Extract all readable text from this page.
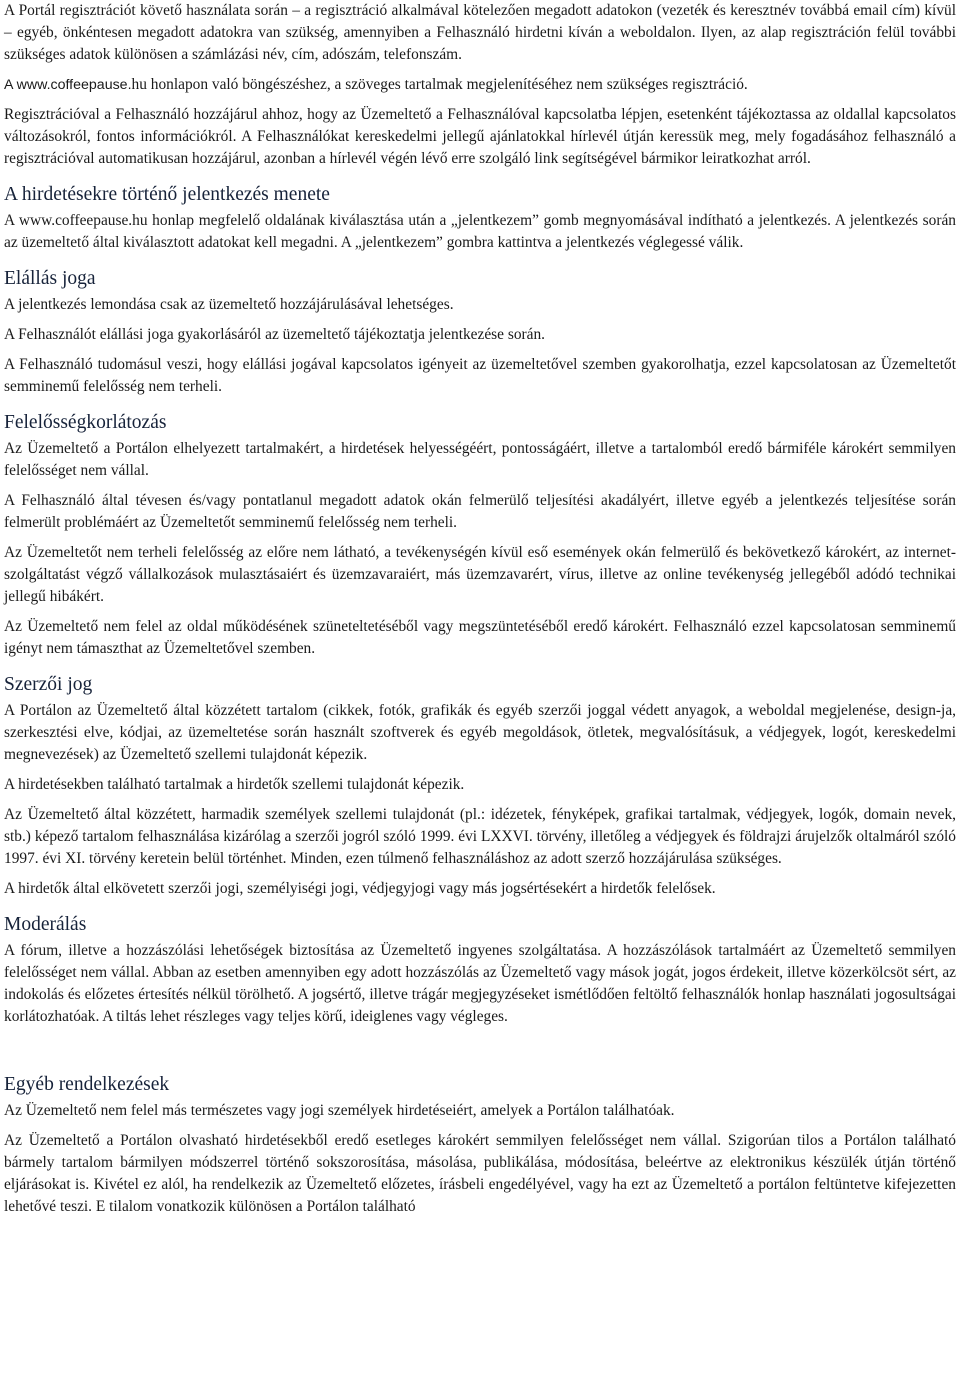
A Portál regisztrációt követő használata során – a regisztráció alkalmával kötelezően megadott adatokon (vezeték és keresztnév továbbá email cím) kívül – egyéb, önkéntesen megadott adatokra van szükség, amennyiben a Felhasználó hirdetni kíván a weboldalon. Ilyen, az alap regisztráción felül további szükséges adatok különösen a számlázási név, cím, adószám, telefonszám.

A www.coffeepause.hu honlapon való böngészéshez, a szöveges tartalmak megjelenítéséhez nem szükséges regisztráció.

Regisztrációval a Felhasználó hozzájárul ahhoz, hogy az Üzemeltető a Felhasználóval kapcsolatba lépjen, esetenként tájékoztassa az oldallal kapcsolatos változásokról, fontos információkról. A Felhasználókat kereskedelmi jellegű ajánlatokkal hírlevél útján keressük meg, mely fogadásához felhasználó a regisztrációval automatikusan hozzájárul, azonban a hírlevél végén lévő erre szolgáló link segítségével bármikor leiratkozhat arról.

A hirdetésekre történő jelentkezés menete

A www.coffeepause.hu honlap megfelelő oldalának kiválasztása után a „jelentkezem” gomb megnyomásával indítható a jelentkezés. A jelentkezés során az üzemeltető által kiválasztott adatokat kell megadni. A „jelentkezem” gombra kattintva a jelentkezés véglegessé válik.

Elállás joga

A jelentkezés lemondása csak az üzemeltető hozzájárulásával lehetséges.

A Felhasználót elállási joga gyakorlásáról az üzemeltető tájékoztatja jelentkezése során.

A Felhasználó tudomásul veszi, hogy elállási jogával kapcsolatos igényeit az üzemeltetővel szemben gyakorolhatja, ezzel kapcsolatosan az Üzemeltetőt semminemű felelősség nem terheli.

Felelősségkorlátozás

Az Üzemeltető a Portálon elhelyezett tartalmakért, a hirdetések helyességéért, pontosságáért, illetve a tartalomból eredő bármiféle károkért semmilyen felelősséget nem vállal.

A Felhasználó által tévesen és/vagy pontatlanul megadott adatok okán felmerülő teljesítési akadályért, illetve egyéb a jelentkezés teljesítése során felmerült problémáért az Üzemeltetőt semminemű felelősség nem terheli.

Az Üzemeltetőt nem terheli felelősség az előre nem látható, a tevékenységén kívül eső események okán felmerülő és bekövetkező károkért, az internet-szolgáltatást végző vállalkozások mulasztásaiért és üzemzavaraiért, más üzemzavarért, vírus, illetve az online tevékenység jellegéből adódó technikai jellegű hibákért.

Az Üzemeltető nem felel az oldal működésének szüneteltetéséből vagy megszüntetéséből eredő károkért. Felhasználó ezzel kapcsolatosan semminemű igényt nem támaszthat az Üzemeltetővel szemben.

Szerzői jog

A Portálon az Üzemeltető által közzétett tartalom (cikkek, fotók, grafikák és egyéb szerzői joggal védett anyagok, a weboldal megjelenése, design-ja, szerkesztési elve, kódjai, az üzemeltetése során használt szoftverek és egyéb megoldások, ötletek, megvalósításuk, a védjegyek, logót, kereskedelmi megnevezések) az Üzemeltető szellemi tulajdonát képezik.

A hirdetésekben található tartalmak a hirdetők szellemi tulajdonát képezik.

Az Üzemeltető által közzétett, harmadik személyek szellemi tulajdonát (pl.: idézetek, fényképek, grafikai tartalmak, védjegyek, logók, domain nevek, stb.) képező tartalom felhasználása kizárólag a szerzői jogról szóló 1999. évi LXXVI. törvény, illetőleg a védjegyek és földrajzi árujelzők oltalmáról szóló 1997. évi XI. törvény keretein belül történhet. Minden, ezen túlmenő felhasználáshoz az adott szerző hozzájárulása szükséges.

A hirdetők által elkövetett szerzői jogi, személyiségi jogi, védjegyjogi vagy más jogsértésekért a hirdetők felelősek.

Moderálás

A fórum, illetve a hozzászólási lehetőségek biztosítása az Üzemeltető ingyenes szolgáltatása. A hozzászólások tartalmáért az Üzemeltető semmilyen felelősséget nem vállal. Abban az esetben amennyiben egy adott hozzászólás az Üzemeltető vagy mások jogát, jogos érdekeit, illetve közerkölcsöt sért, az indokolás és előzetes értesítés nélkül törölhető. A jogsértő, illetve trágár megjegyzéseket ismétlődően feltöltő felhasználók honlap használati jogosultságai korlátozhatóak. A tiltás lehet részleges vagy teljes körű, ideiglenes vagy végleges.

Egyéb rendelkezések

Az Üzemeltető nem felel más természetes vagy jogi személyek hirdetéseiért, amelyek a Portálon találhatóak.

Az Üzemeltető a Portálon olvasható hirdetésekből eredő esetleges károkért semmilyen felelősséget nem vállal. Szigorúan tilos a Portálon található bármely tartalom bármilyen módszerrel történő sokszorosítása, másolása, publikálása, módosítása, beleértve az elektronikus készülék útján történő eljárásokat is. Kivétel ez alól, ha rendelkezik az Üzemeltető előzetes, írásbeli engedélyével, vagy ha ezt az Üzemeltető a portálon feltüntetve kifejezetten lehetővé teszi. E tilalom vonatkozik különösen a Portálon található
